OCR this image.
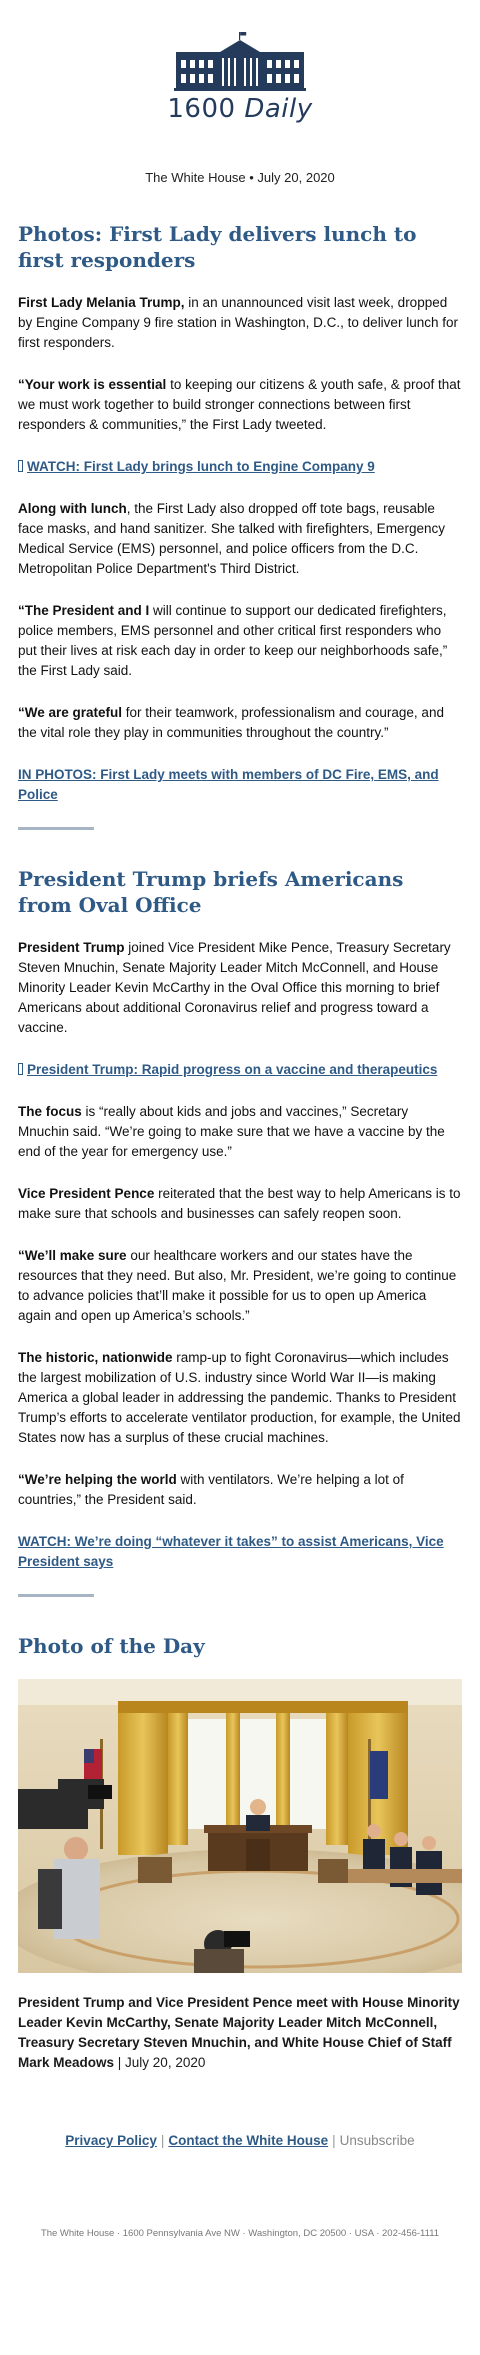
1600 Daily
The White House • July 20, 2020
Photos: First Lady delivers lunch to first responders

First Lady Melania Trump, in an unannounced visit last week, dropped by Engine Company 9 fire station in Washington, D.C., to deliver lunch for first responders.

“Your work is essential to keeping our citizens & youth safe, & proof that we must work together to build stronger connections between first responders & communities,” the First Lady tweeted.

WATCH: First Lady brings lunch to Engine Company 9

Along with lunch, the First Lady also dropped off tote bags, reusable face masks, and hand sanitizer. She talked with firefighters, Emergency Medical Service (EMS) personnel, and police officers from the D.C. Metropolitan Police Department's Third District.

“The President and I will continue to support our dedicated firefighters, police members, EMS personnel and other critical first responders who put their lives at risk each day in order to keep our neighborhoods safe,” the First Lady said.

“We are grateful for their teamwork, professionalism and courage, and the vital role they play in communities throughout the country.”

IN PHOTOS: First Lady meets with members of DC Fire, EMS, and Police
President Trump briefs Americans from Oval Office

President Trump joined Vice President Mike Pence, Treasury Secretary Steven Mnuchin, Senate Majority Leader Mitch McConnell, and House Minority Leader Kevin McCarthy in the Oval Office this morning to brief Americans about additional Coronavirus relief and progress toward a vaccine.

President Trump: Rapid progress on a vaccine and therapeutics

The focus is “really about kids and jobs and vaccines,” Secretary Mnuchin said. “We’re going to make sure that we have a vaccine by the end of the year for emergency use.”

Vice President Pence reiterated that the best way to help Americans is to make sure that schools and businesses can safely reopen soon.

“We’ll make sure our healthcare workers and our states have the resources that they need. But also, Mr. President, we’re going to continue to advance policies that’ll make it possible for us to open up America again and open up America’s schools.”

The historic, nationwide ramp-up to fight Coronavirus—which includes the largest mobilization of U.S. industry since World War II—is making America a global leader in addressing the pandemic. Thanks to President Trump’s efforts to accelerate ventilator production, for example, the United States now has a surplus of these crucial machines.

“We’re helping the world with ventilators. We’re helping a lot of countries,” the President said.

WATCH: We’re doing “whatever it takes” to assist Americans, Vice President says
Photo of the Day
President Trump and Vice President Pence meet with House Minority Leader Kevin McCarthy, Senate Majority Leader Mitch McConnell, Treasury Secretary Steven Mnuchin, and White House Chief of Staff Mark Meadows | July 20, 2020
Privacy Policy | Contact the White House | Unsubscribe
The White House · 1600 Pennsylvania Ave NW · Washington, DC 20500 · USA · 202-456-1111
